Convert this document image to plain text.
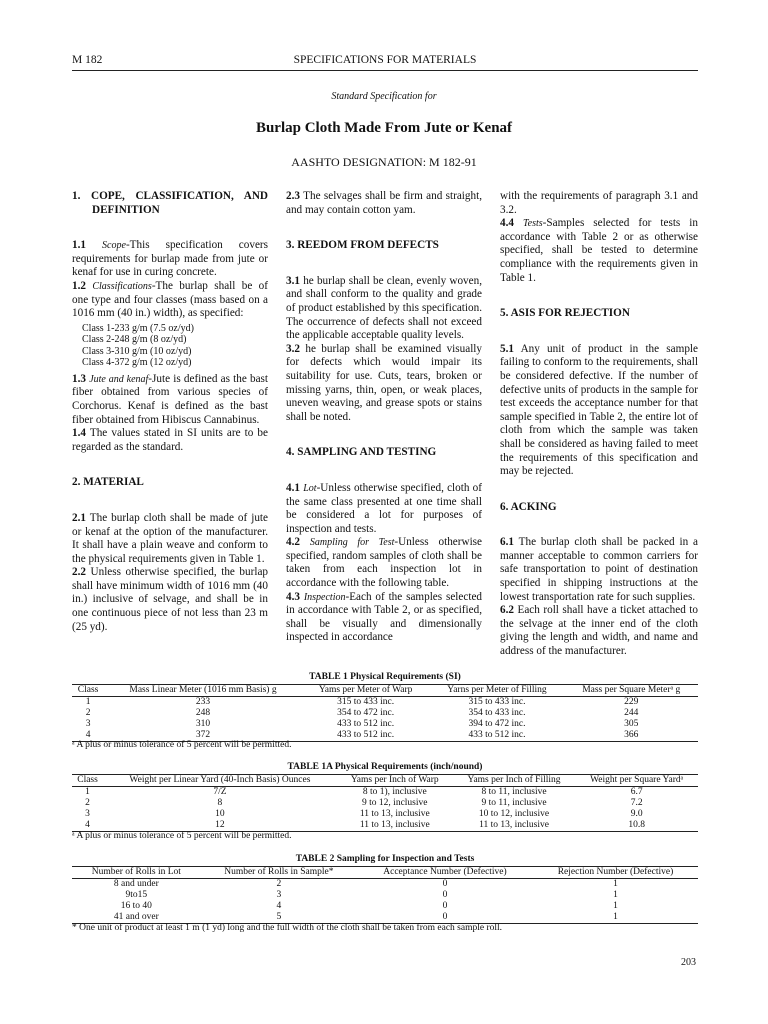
M 182	SPECIFICATIONS FOR MATERIALS
Standard Specification for
Burlap Cloth Made From Jute or Kenaf
AASHTO DESIGNATION: M 182-91

1. COPE, CLASSIFICATION, AND DEFINITION

1.1 Scope-This specification covers requirements for burlap made from jute or kenaf for use in curing concrete.

1.2 Classifications-The burlap shall be of one type and four classes (mass based on a 1016 mm (40 in.) width), as specified:

Class 1-233 g/m (7.5 oz/yd)
Class 2-248 g/m (8 oz/yd)
Class 3-310 g/m (10 oz/yd)
Class 4-372 g/m (12 oz/yd)

1.3 Jute and kenaf-Jute is defined as the bast fiber obtained from various species of Corchorus. Kenaf is defined as the bast fiber obtained from Hibiscus Cannabinus.

1.4 The values stated in SI units are to be regarded as the standard.

2. MATERIAL

2.1 The burlap cloth shall be made of jute or kenaf at the option of the manufacturer. It shall have a plain weave and conform to the physical requirements given in Table 1.

2.2 Unless otherwise specified, the burlap shall have minimum width of 1016 mm (40 in.) inclusive of selvage, and shall be in one continuous piece of not less than 23 m (25 yd).

2.3 The selvages shall be firm and straight, and may contain cotton yam.

3. REEDOM FROM DEFECTS

3.1 he burlap shall be clean, evenly woven, and shall conform to the quality and grade of product established by this specification. The occurrence of defects shall not exceed the applicable acceptable quality levels.

3.2 he burlap shall be examined visually for defects which would impair its suitability for use. Cuts, tears, broken or missing yarns, thin, open, or weak places, uneven weaving, and grease spots or stains shall be noted.

4. SAMPLING AND TESTING

4.1 Lot-Unless otherwise specified, cloth of the same class presented at one time shall be considered a lot for purposes of inspection and tests.

4.2 Sampling for Test-Unless otherwise specified, random samples of cloth shall be taken from each inspection lot in accordance with the following table.

4.3 Inspection-Each of the samples selected in accordance with Table 2, or as specified, shall be visually and dimensionally inspected in accordance

with the requirements of paragraph 3.1 and 3.2.

4.4 Tests-Samples selected for tests in accordance with Table 2 or as otherwise specified, shall be tested to determine compliance with the requirements given in Table 1.

5. ASIS FOR REJECTION

5.1 Any unit of product in the sample failing to conform to the requirements, shall be considered defective. If the number of defective units of products in the sample for test exceeds the acceptance number for that sample specified in Table 2, the entire lot of cloth from which the sample was taken shall be considered as having failed to meet the requirements of this specification and may be rejected.

6. ACKING

6.1 The burlap cloth shall be packed in a manner acceptable to common carriers for safe transportation to point of destination specified in shipping instructions at the lowest transportation rate for such supplies.

6.2 Each roll shall have a ticket attached to the selvage at the inner end of the cloth giving the length and width, and name and address of the manufacturer.

TABLE 1 Physical Requirements (SI)
Class	Mass Linear Meter (1016 mm Basis) g	Yams per Meter of Warp	Yarns per Meter of Filling	Mass per Square Meterᵃ g
1	233	315 to 433 inc.	315 to 433 inc.	229
2	248	354 to 472 inc.	354 to 433 inc.	244
3	310	433 to 512 inc.	394 to 472 inc.	305
4	372	433 to 512 inc.	433 to 512 inc.	366
ᵃ A plus or minus tolerance of 5 percent will be permitted.
TABLE 1A Physical Requirements (inch/nound)
Class	Weight per Linear Yard (40-Inch Basis) Ounces	Yams per Inch of Warp	Yams per Inch of Filling	Weight per Square Yardᵃ
1	7/Z	8 to 1), inclusive	8 to 11, inclusive	6.7
2	8	9 to 12, inclusive	9 to 11, inclusive	7.2
3	10	11 to 13, inclusive	10 to 12, inclusive	9.0
4	12	11 to 13, inclusive	11 to 13, inclusive	10.8
ᵃ A plus or minus tolerance of 5 percent will be permitted.
TABLE 2 Sampling for Inspection and Tests
Number of Rolls in Lot	Number of Rolls in Sample*	Acceptance Number (Defective)	Rejection Number (Defective)
8 and under	2	0	1
9to15	3	0	1
16 to 40	4	0	1
41 and over	5	0	1
* One unit of product at least 1 m (1 yd) long and the full width of the cloth shall be taken from each sample roll.
203
